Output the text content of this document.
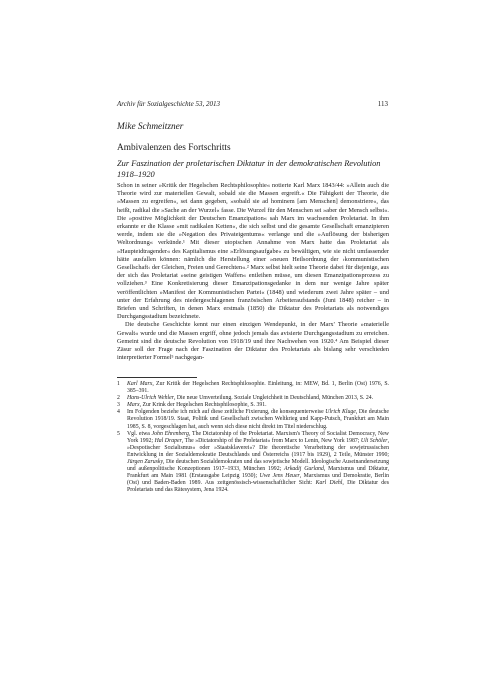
Archiv für Sozialgeschichte 53, 2013	113
Mike Schmeitzner
Ambivalenzen des Fortschritts
Zur Faszination der proletarischen Diktatur in der demokratischen Revolution 1918–1920

Schon in seiner »Kritik der Hegelschen Rechtsphilosophie« notierte Karl Marx 1843/44: »Allein auch die Theorie wird zur materiellen Gewalt, sobald sie die Massen ergreift.« Die Fähigkeit der Theorie, die »Massen zu ergreifen«, sei dann gegeben, »sobald sie ad hominem [am Menschen] demonstriere«, das heißt, radikal die »Sache an der Wurzel« fasse. Die Wurzel für den Menschen sei »aber der Mensch selbst«. Die »positive Möglichkeit der Deutschen Emanzipation« sah Marx im wachsenden Proletariat. In ihm erkannte er die Klasse »mit radikalen Ketten«, die sich selbst und die gesamte Gesellschaft emanzipieren werde, indem sie die »Negation des Privateigentums« verlange und die »Auflösung der bisherigen Weltordnung« verkünde.¹ Mit dieser utopischen Annahme von Marx hatte das Proletariat als »Haupteidtragender« des Kapitalismus eine »Erlösungsaufgabe« zu bewältigen, wie sie nicht umfassender hätte ausfallen können: nämlich die Herstellung einer »neuen Heilsordnung der ›kommunistischen Gesellschaft‹ der Gleichen, Freien und Gerechten«.² Marx selbst hielt seine Theorie dabei für diejenige, aus der sich das Proletariat »seine geistigen Waffen« entleihen müsse, um diesen Emanzipationsprozess zu vollziehen.³ Eine Konkretisierung dieser Emanzipationsgedanke in dem nur wenige Jahre später veröffentlichten »Manifest der Kommunistischen Partei« (1848) und wiederum zwei Jahre später – und unter der Erfahrung des niedergeschlagenen französischen Arbeiteraufstands (Juni 1848) reicher – in Briefen und Schriften, in denen Marx erstmals (1850) die Diktatur des Proletariats als notwendiges Durchgangsstadium bezeichnete.

Die deutsche Geschichte kennt nur einen einzigen Wendepunkt, in der Marx' Theorie »materielle Gewalt« wurde und die Massen ergriff, ohne jedoch jemals das avisierte Durchgangsstadium zu erreichen. Gemeint sind die deutsche Revolution von 1918/19 und ihre Nachwehen von 1920.⁴ Am Beispiel dieser Zäsur soll der Frage nach der Faszination der Diktatur des Proletariats als bislang sehr verschieden interpretierter Formel⁵ nachgegan-

1	Karl Marx, Zur Kritik der Hegelschen Rechtsphilosophie. Einleitung, in: MEW, Bd. 1, Berlin (Ost) 1976, S. 385–391.

2	Hans-Ulrich Wehler, Die neue Umverteilung. Soziale Ungleichheit in Deutschland, München 2013, S. 24.

3	Marx, Zur Krink der Hegelschen Rechtsphilosophie, S. 391.

4	Im Folgenden beziehe ich mich auf diese zeitliche Fixierung, die konsequenterweise Ulrich Kluge, Die deutsche Revolution 1918/19. Staat, Politik und Gesellschaft zwischen Weltkrieg und Kapp-Putsch, Frankfurt am Main 1985, S. 8, vorgeschlagen hat, auch wenn sich diese nicht direkt im Titel niederschlug.

5	Vgl. etwa John Ehrenberg, The Dictatorship of the Proletariat. Marxism's Theory of Socialist Democracy, New York 1992; Hal Draper, The »Dictatorship of the Proletariat« from Marx to Lenin, New York 1987; Uli Schöler, »Despotischer Sozialismus« oder »Staatsklaverei«? Die theoretische Verarbeitung der sowjetrussischen Entwicklung in der Sozialdemokratie Deutschlands und Österreichs (1917 bis 1929), 2 Teile, Münster 1990; Jürgen Zarusky, Die deutschen Sozialdemokraten und das sowjetische Modell. Ideologische Auseinandersetzung und außenpolitische Konzeptionen 1917–1933, München 1992; Arkadij Gurland, Marxismus und Diktatur, Frankfurt am Main 1981 (Erstausgabe Leipzig 1930); Uwe Jens Heuer, Marxismus und Demokratie, Berlin (Ost) und Baden-Baden 1989. Aus zeitgenössisch-wissenschaftlicher Sicht: Karl Diehl, Die Diktatur des Proletariats und das Rätesystem, Jena 1924.
